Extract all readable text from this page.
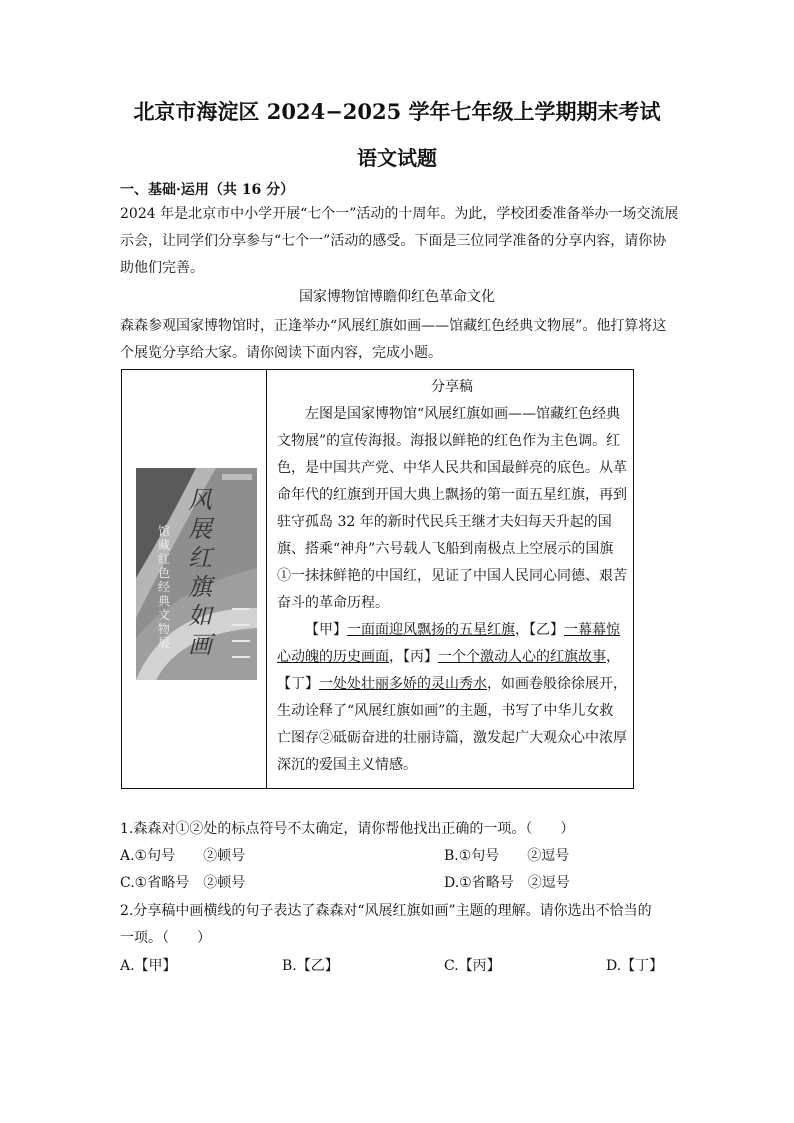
北京市海淀区 2024−2025 学年七年级上学期期末考试
语文试题
一、基础·运用（共 16 分）
2024 年是北京市中小学开展“七个一”活动的十周年。为此，学校团委准备举办一场交流展示会，让同学们分享参与“七个一”活动的感受。下面是三位同学准备的分享内容，请你协助他们完善。
国家博物馆博瞻仰红色革命文化
森森参观国家博物馆时，正逢举办“风展红旗如画——馆藏红色经典文物展”。他打算将这个展览分享给大家。请你阅读下面内容，完成小题。
风
展
红
旗
如
画
馆藏红色经典文物展
分享稿

左图是国家博物馆“风展红旗如画——馆藏红色经典文物展”的宣传海报。海报以鲜艳的红色作为主色调。红色，是中国共产党、中华人民共和国最鲜亮的底色。从革命年代的红旗到开国大典上飘扬的第一面五星红旗，再到驻守孤岛 32 年的新时代民兵王继才夫妇每天升起的国旗、搭乘“神舟”六号载人飞船到南极点上空展示的国旗①一抹抹鲜艳的中国红，见证了中国人民同心同德、艰苦奋斗的革命历程。

【甲】一面面迎风飘扬的五星红旗，【乙】一幕幕惊心动魄的历史画面，【丙】一个个激动人心的红旗故事，【丁】一处处壮丽多娇的灵山秀水，如画卷般徐徐展开，生动诠释了“风展红旗如画”的主题，书写了中华儿女救亡图存②砥砺奋进的壮丽诗篇，激发起广大观众心中浓厚深沉的爱国主义情感。

1.森森对①②处的标点符号不太确定，请你帮他找出正确的一项。（　　）
A.①句号　　②顿号	B.①句号　　②逗号
C.①省略号　②顿号	D.①省略号　②逗号
2.分享稿中画横线的句子表达了森森对“风展红旗如画”主题的理解。请你选出不恰当的
一项。（　　）
A.【甲】	B.【乙】	C.【丙】	D.【丁】
